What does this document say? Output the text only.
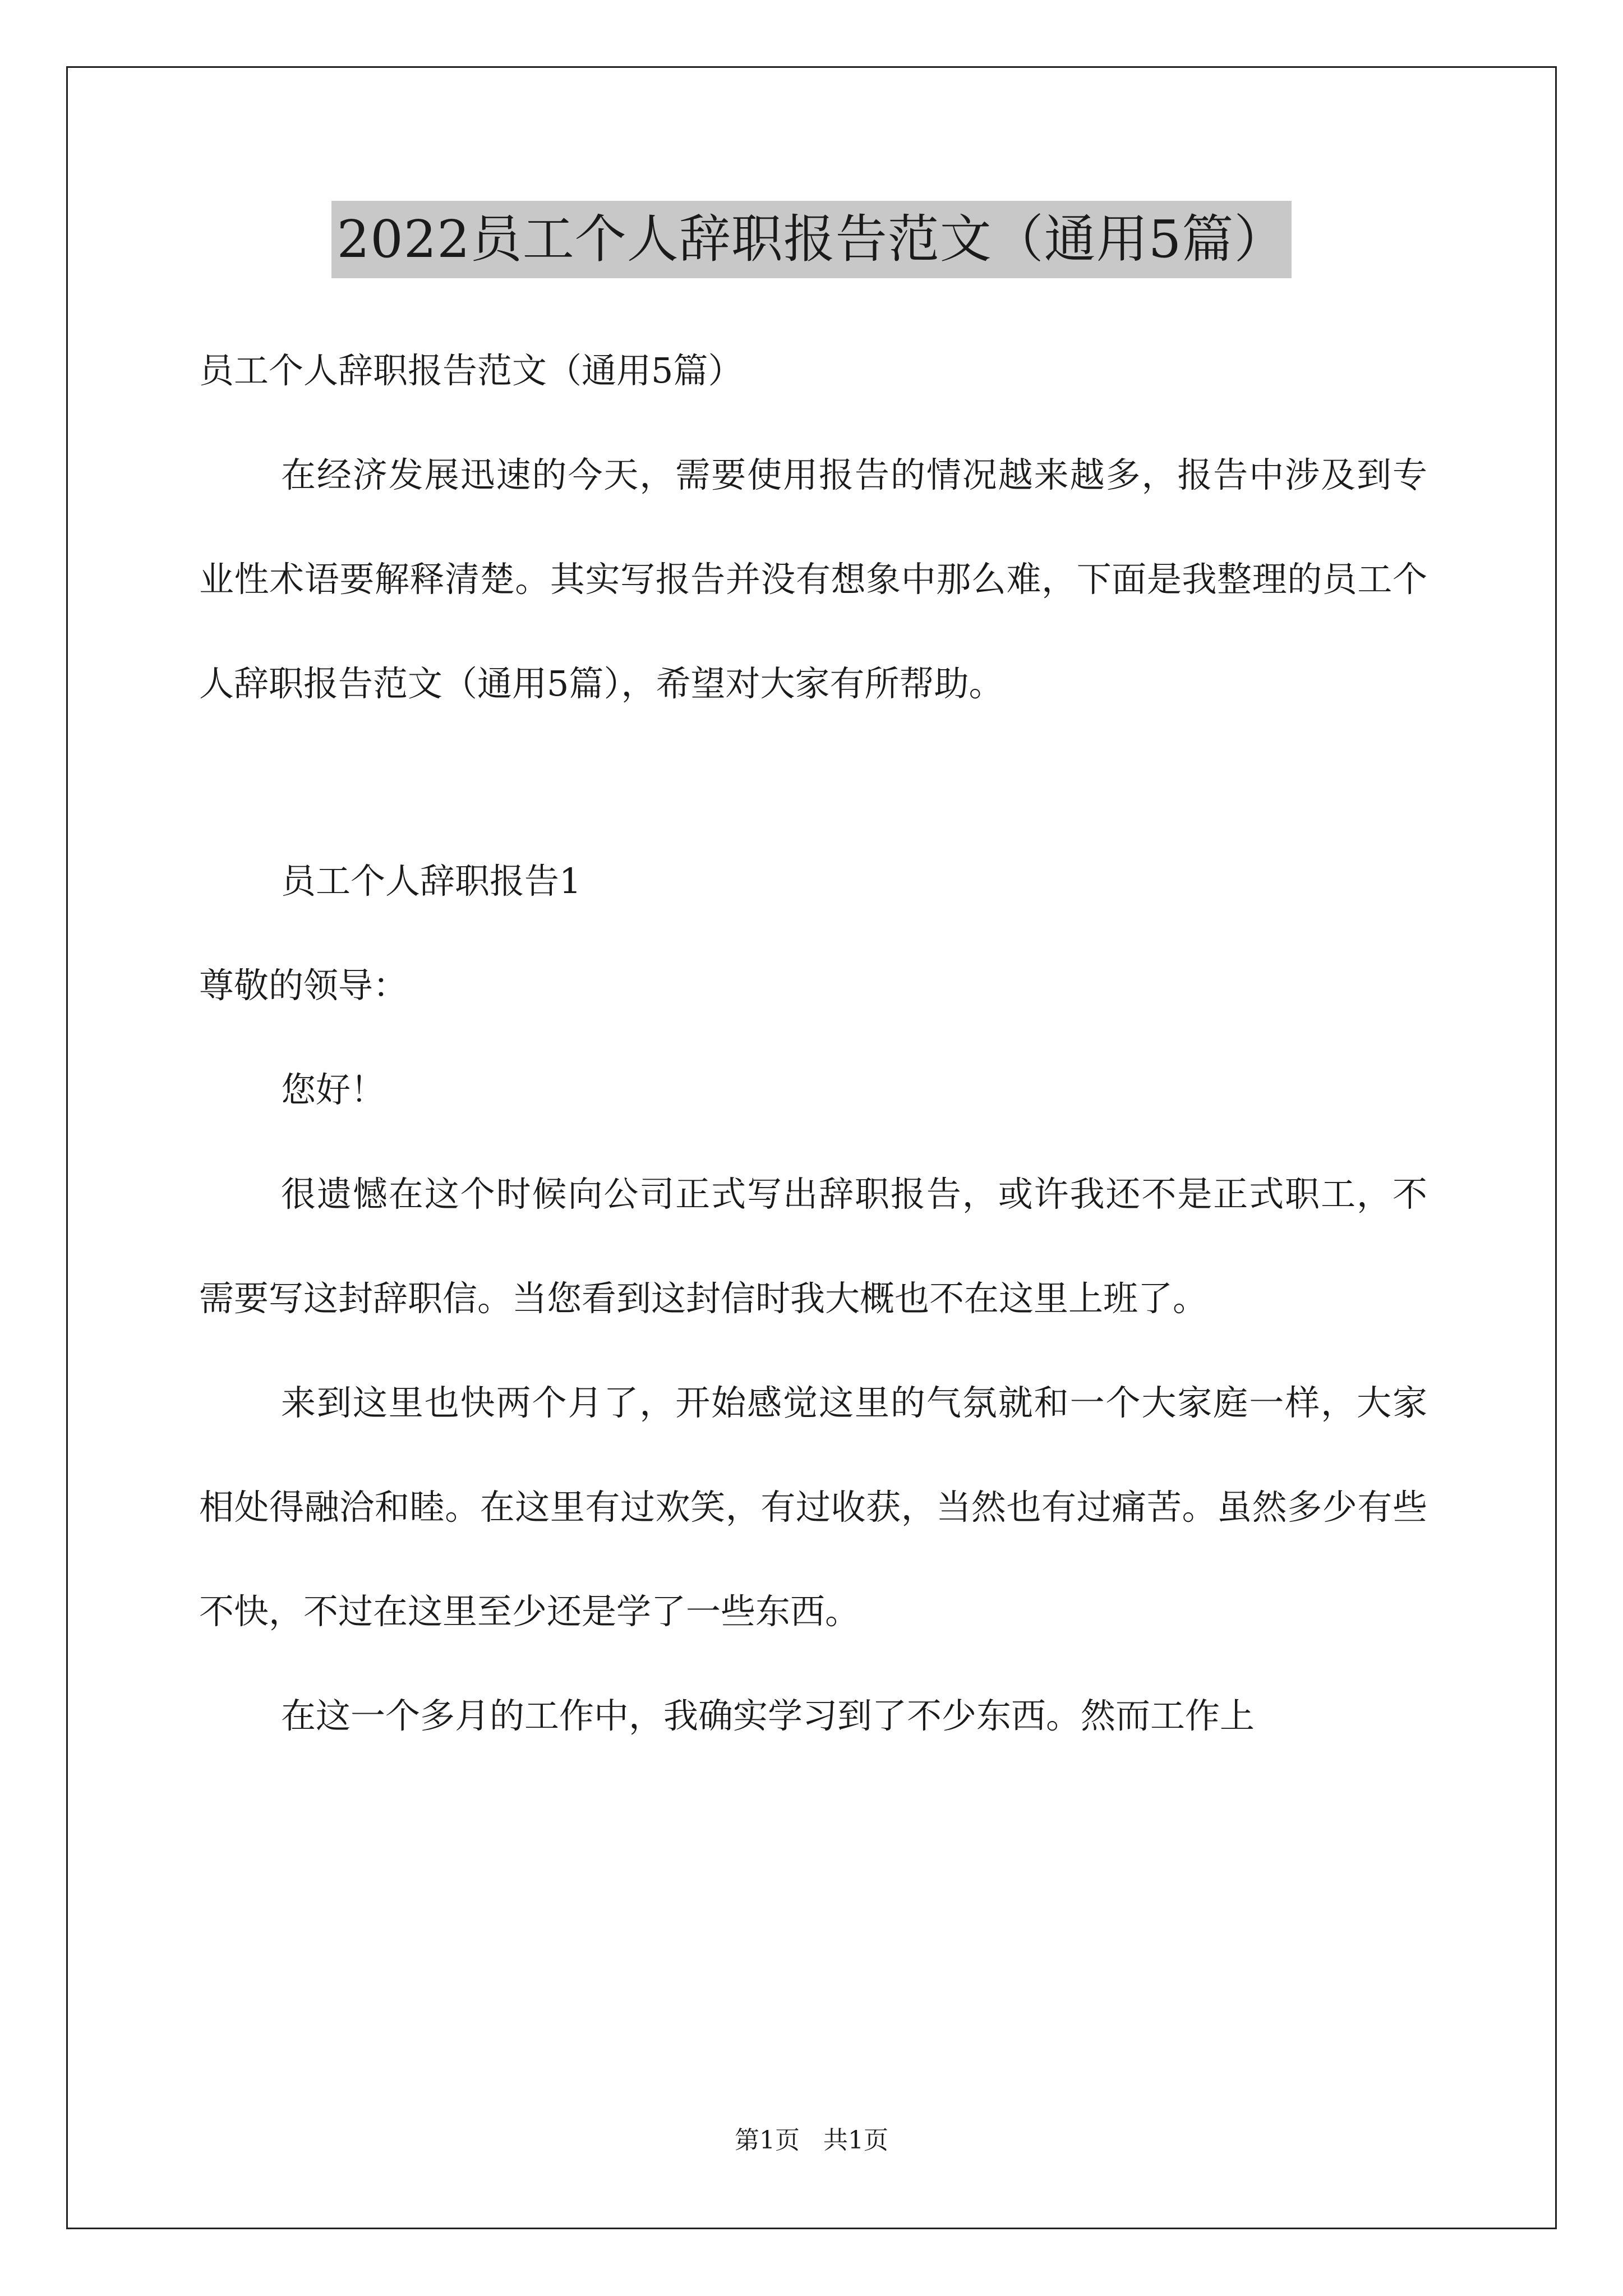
2022员工个人辞职报告范文（通用5篇）

员工个人辞职报告范文（通用5篇）

在经济发展迅速的今天，需要使用报告的情况越来越多，报告中涉及到专业性术语要解释清楚。其实写报告并没有想象中那么难，下面是我整理的员工个人辞职报告范文（通用5篇），希望对大家有所帮助。

员工个人辞职报告1

尊敬的领导：

您好！

很遗憾在这个时候向公司正式写出辞职报告，或许我还不是正式职工，不需要写这封辞职信。当您看到这封信时我大概也不在这里上班了。

来到这里也快两个月了，开始感觉这里的气氛就和一个大家庭一样，大家相处得融洽和睦。在这里有过欢笑，有过收获，当然也有过痛苦。虽然多少有些不快，不过在这里至少还是学了一些东西。

在这一个多月的工作中，我确实学习到了不少东西。然而工作上

第1页   共1页
